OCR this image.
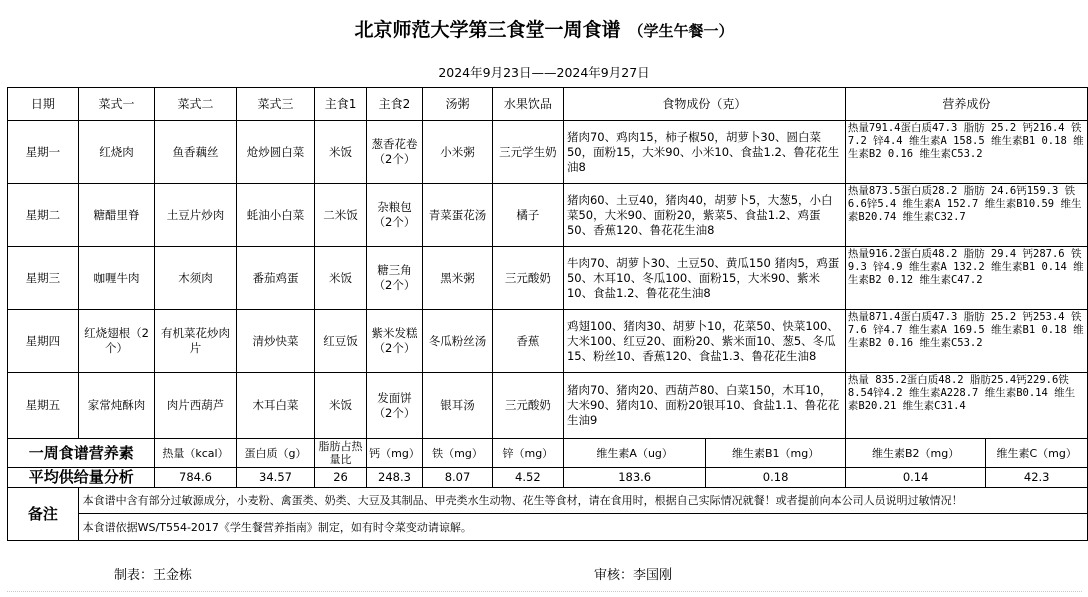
北京师范大学第三食堂一周食谱 （学生午餐一）
2024年9月23日——2024年9月27日
日期	菜式一	菜式二	菜式三	主食1	主食2	汤粥	水果饮品	食物成份（克）		营养成份	
星期一	红烧肉	鱼香藕丝	炝炒圆白菜	米饭	葱香花卷（2个）	小米粥	三元学生奶	猪肉70、鸡肉15，柿子椒50，胡萝卜30、圆白菜50，面粉15，大米90、小米10、食盐1.2、鲁花花生油8		热量791.4蛋白质47.3 脂肪 25.2 钙216.4 铁7.2 锌4.4 维生素A 158.5 维生素B1 0.18 维生素B2 0.16 维生素C53.2	
星期二	糖醋里脊	土豆片炒肉	蚝油小白菜	二米饭	杂粮包（2个）	青菜蛋花汤	橘子	猪肉60、土豆40，猪肉40，胡萝卜5，大葱5，小白菜50，大米90、面粉20，紫菜5、食盐1.2、鸡蛋50、香蕉120、鲁花花生油8		热量873.5蛋白质28.2 脂肪 24.6钙159.3 铁6.6锌5.4 维生素A 152.7 维生素B10.59 维生素B20.74 维生素C32.7	
星期三	咖喱牛肉	木须肉	番茄鸡蛋	米饭	糖三角（2个）	黑米粥	三元酸奶	牛肉70、胡萝卜30、土豆50、黄瓜150 猪肉5，鸡蛋50、木耳10、冬瓜100、面粉15，大米90、紫米10、食盐1.2、鲁花花生油8		热量916.2蛋白质48.2 脂肪 29.4 钙287.6 铁9.3 锌4.9 维生素A 132.2 维生素B1 0.14 维生素B2 0.12 维生素C47.2	
星期四	红烧翅根（2个）	有机菜花炒肉片	清炒快菜	红豆饭	紫米发糕（2个）	冬瓜粉丝汤	香蕉	鸡翅100、猪肉30、胡萝卜10，花菜50、快菜100、大米100、红豆20、面粉20、紫米面10、葱5、冬瓜15、粉丝10、香蕉120、食盐1.3、鲁花花生油8		热量871.4蛋白质47.3 脂肪 25.2 钙253.4 铁7.6 锌4.7 维生素A 169.5 维生素B1 0.18 维生素B2 0.16 维生素C53.2	
星期五	家常炖酥肉	肉片西葫芦	木耳白菜	米饭	发面饼（2个）	银耳汤	三元酸奶	猪肉70、猪肉20、西葫芦80、白菜150，木耳10，大米90、猪肉10、面粉20银耳10、食盐1.1、鲁花花生油9		热量 835.2蛋白质48.2 脂肪25.4钙229.6铁8.54锌4.2 维生素A228.7 维生素B0.14 维生素B20.21 维生素C31.4	
一周食谱营养素		热量（kcal）	蛋白质（g）	脂肪占热量比	钙（mg）	铁（mg）	锌（mg）	维生素A（ug）	维生素B1（mg）	维生素B2（mg）	维生素C（mg）
平均供给量分析		784.6	34.57	26	248.3	8.07	4.52	183.6	0.18	0.14	42.3
备注	本食谱中含有部分过敏源成分，小麦粉、禽蛋类、奶类、大豆及其制品、甲壳类水生动物、花生等食材，请在食用时，根据自己实际情况就餐！或者提前向本公司人员说明过敏情况！										
	本食谱依据WS/T554-2017《学生餐营养指南》制定，如有时令菜变动请谅解。										
制表：王金栋	审核：李国刚
